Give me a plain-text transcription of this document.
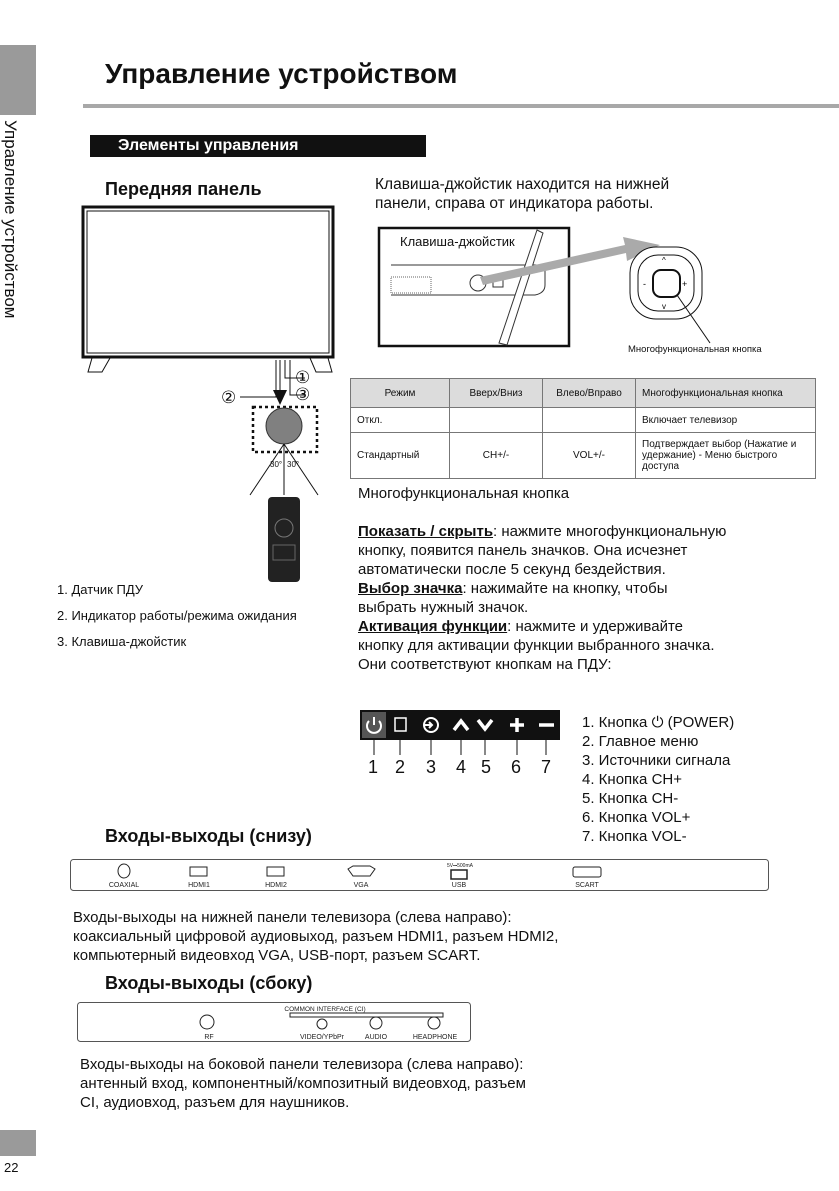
Управление устройством
22
Управление устройством
Элементы управления
Передняя панель
①
②	③
30° 30°
1. Датчик ПДУ
2. Индикатор работы/режима ожидания
3. Клавиша-джойстик
Клавиша-джойстик находится на нижней
панели, справа от индикатора работы.
^
v
-	+
Клавиша-джойстик
Многофункциональная кнопка
Режим	Вверх/Вниз	Влево/Вправо	Многофункциональная кнопка
Откл.			Включает телевизор
Стандартный	CH+/-	VOL+/-	Подтверждает выбор (Нажатие и удержание) - Меню быстрого доступа
Многофункциональная кнопка
Показать / скрыть: нажмите многофункциональную кнопку, появится панель значков. Она исчезнет автоматически после 5 секунд бездействия.
Выбор значка: нажимайте на кнопку, чтобы выбрать нужный значок.
Активация функции: нажмите и удерживайте кнопку для активации функции выбранного значка. Они соответствуют кнопкам на ПДУ:
1 2 3 4 5 6 7
1. Кнопка ⏻ (POWER)
2. Главное меню
3. Источники сигнала
4. Кнопка CH+
5. Кнопка CH-
6. Кнопка VOL+
7. Кнопка VOL-
Входы-выходы (снизу)
COAXIAL	HDMI1	HDMI2	VGA	USB	SCART
5V⎓500mA
Входы-выходы на нижней панели телевизора (слева направо):
коаксиальный цифровой аудиовыход, разъем HDMI1, разъем HDMI2,
компьютерный видеовход VGA, USB-порт, разъем SCART.
Входы-выходы (сбоку)
COMMON INTERFACE (CI)
RF	VIDEO/YPbPr	AUDIO	HEADPHONE
Входы-выходы на боковой панели телевизора (слева направо):
антенный вход, компонентный/композитный видеовход, разъем
CI, аудиовход, разъем для наушников.
